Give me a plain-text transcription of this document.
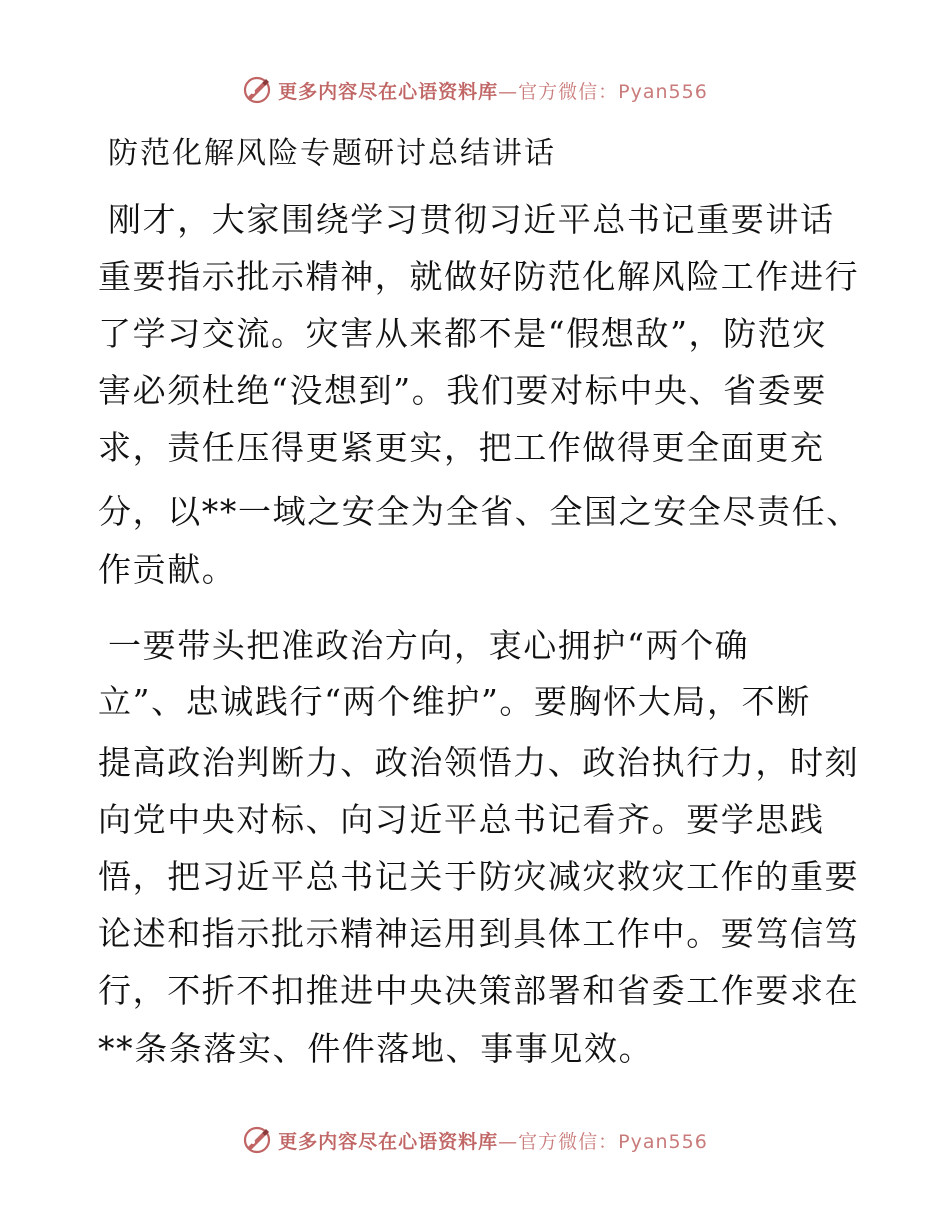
更多内容尽在心语资料库—官方微信：Pyan556
防范化解风险专题研讨总结讲话
刚才，大家围绕学习贯彻习近平总书记重要讲话
重要指示批示精神，就做好防范化解风险工作进行
了学习交流。灾害从来都不是“假想敌”，防范灾
害必须杜绝“没想到”。我们要对标中央、省委要
求，责任压得更紧更实，把工作做得更全面更充
分，以**一域之安全为全省、全国之安全尽责任、
作贡献。
一要带头把准政治方向，衷心拥护“两个确
立”、忠诚践行“两个维护”。要胸怀大局，不断
提高政治判断力、政治领悟力、政治执行力，时刻
向党中央对标、向习近平总书记看齐。要学思践
悟，把习近平总书记关于防灾减灾救灾工作的重要
论述和指示批示精神运用到具体工作中。要笃信笃
行，不折不扣推进中央决策部署和省委工作要求在
**条条落实、件件落地、事事见效。
更多内容尽在心语资料库—官方微信：Pyan556
